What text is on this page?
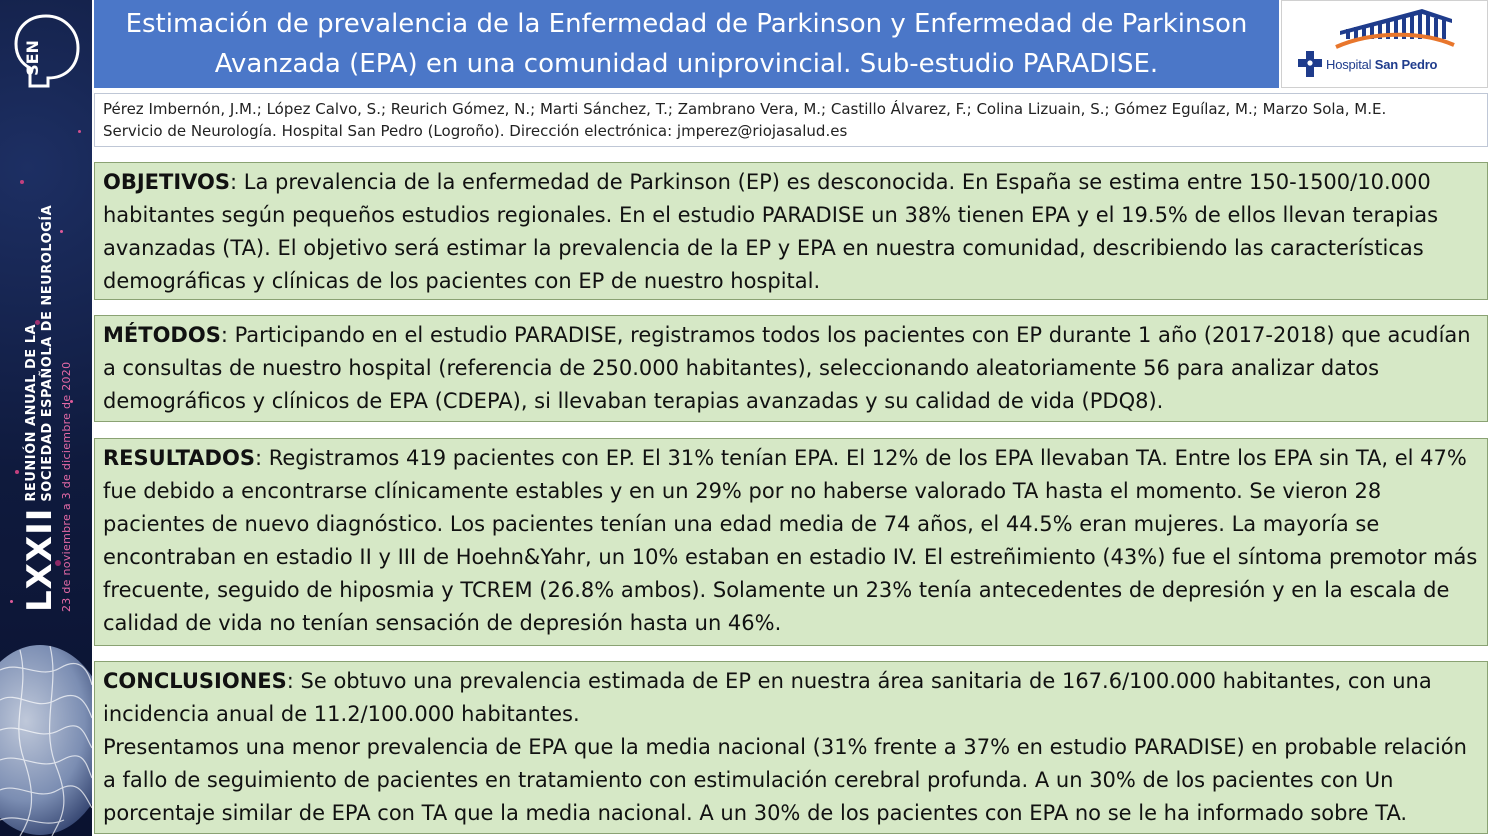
SEN
LXXII
REUNIÓN ANUAL DE LA SOCIEDAD ESPAÑOLA DE NEUROLOGÍA 23 de noviembre a 3 de diciembre de 2020
Estimación de prevalencia de la Enfermedad de Parkinson y Enfermedad de Parkinson
Avanzada (EPA) en una comunidad uniprovincial. Sub-estudio PARADISE.	Hospital San Pedro
Pérez Imbernón, J.M.; López Calvo, S.; Reurich Gómez, N.; Marti Sánchez, T.; Zambrano Vera, M.; Castillo Álvarez, F.; Colina Lizuain, S.; Gómez Eguílaz, M.; Marzo Sola, M.E.
Servicio de Neurología. Hospital San Pedro (Logroño). Dirección electrónica: jmperez@riojasalud.es

OBJETIVOS: La prevalencia de la enfermedad de Parkinson (EP) es desconocida. En España se estima entre 150-1500/10.000 habitantes según pequeños estudios regionales. En el estudio PARADISE un 38% tienen EPA y el 19.5% de ellos llevan terapias avanzadas (TA). El objetivo será estimar la prevalencia de la EP y EPA en nuestra comunidad, describiendo las características demográficas y clínicas de los pacientes con EP de nuestro hospital.

MÉTODOS: Participando en el estudio PARADISE, registramos todos los pacientes con EP durante 1 año (2017-2018) que acudían a consultas de nuestro hospital (referencia de 250.000 habitantes), seleccionando aleatoriamente 56 para analizar datos demográficos y clínicos de EPA (CDEPA), si llevaban terapias avanzadas y su calidad de vida (PDQ8).

RESULTADOS: Registramos 419 pacientes con EP. El 31% tenían EPA. El 12% de los EPA llevaban TA. Entre los EPA sin TA, el 47% fue debido a encontrarse clínicamente estables y en un 29% por no haberse valorado TA hasta el momento. Se vieron 28 pacientes de nuevo diagnóstico. Los pacientes tenían una edad media de 74 años, el 44.5% eran mujeres. La mayoría se encontraban en estadio II y III de Hoehn&Yahr, un 10% estaban en estadio IV. El estreñimiento (43%) fue el síntoma premotor más frecuente, seguido de hiposmia y TCREM (26.8% ambos). Solamente un 23% tenía antecedentes de depresión y en la escala de calidad de vida no tenían sensación de depresión hasta un 46%.

CONCLUSIONES: Se obtuvo una prevalencia estimada de EP en nuestra área sanitaria de 167.6/100.000 habitantes, con una incidencia anual de 11.2/100.000 habitantes.

Presentamos una menor prevalencia de EPA que la media nacional (31% frente a 37% en estudio PARADISE) en probable relación a fallo de seguimiento de pacientes en tratamiento con estimulación cerebral profunda. A un 30% de los pacientes con Un porcentaje similar de EPA con TA que la media nacional. A un 30% de los pacientes con EPA no se le ha informado sobre TA.
